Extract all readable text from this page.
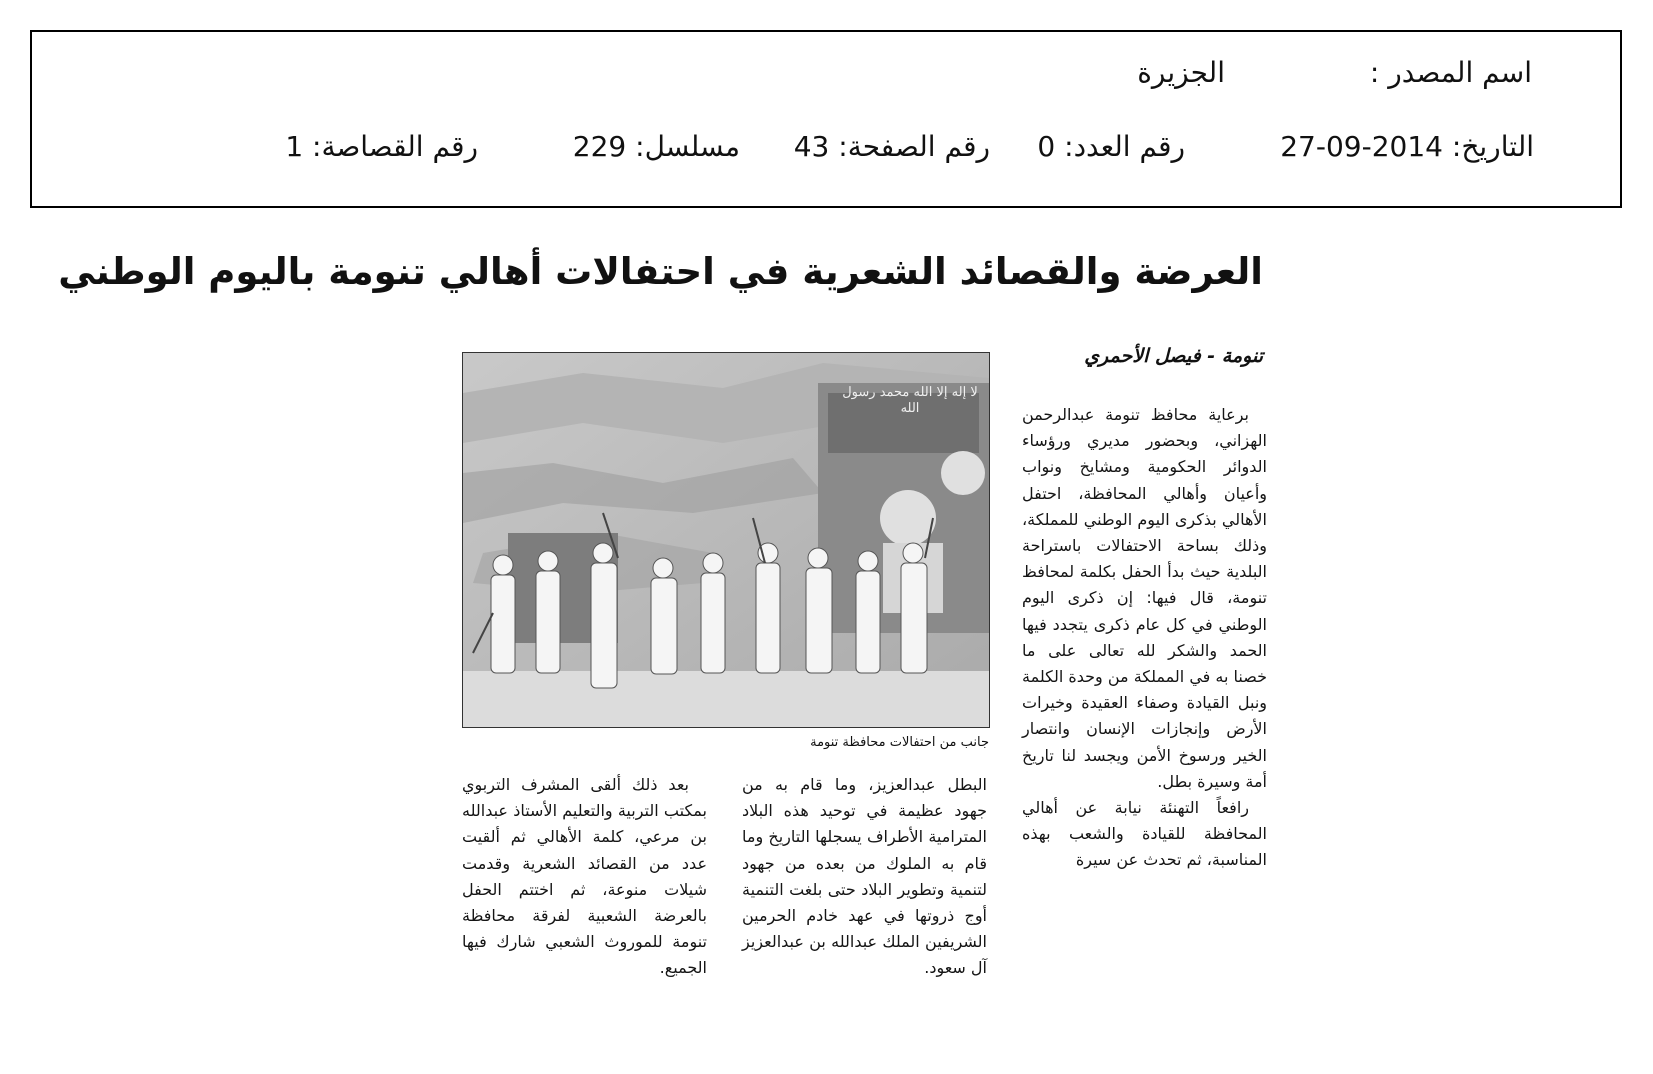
اسم المصدر :
الجزيرة
التاريخ: 2014-09-27
رقم العدد: 0
رقم الصفحة: 43
مسلسل: 229
رقم القصاصة: 1
العرضة والقصائد الشعرية في احتفالات أهالي تنومة باليوم الوطني
تنومة - فيصل الأحمري
جانب من احتفالات محافظة تنومة

برعاية محافظ تنومة عبدالرحمن الهزاني، وبحضور مديري ورؤساء الدوائر الحكومية ومشايخ ونواب وأعيان وأهالي المحافظة، احتفل الأهالي بذكرى اليوم الوطني للمملكة، وذلك بساحة الاحتفالات باستراحة البلدية حيث بدأ الحفل بكلمة لمحافظ تنومة، قال فيها: إن ذكرى اليوم الوطني في كل عام ذكرى يتجدد فيها الحمد والشكر لله تعالى على ما خصنا به في المملكة من وحدة الكلمة ونبل القيادة وصفاء العقيدة وخيرات الأرض وإنجازات الإنسان وانتصار الخير ورسوخ الأمن ويجسد لنا تاريخ أمة وسيرة بطل.

رافعاً التهنئة نيابة عن أهالي المحافظة للقيادة والشعب بهذه المناسبة، ثم تحدث عن سيرة

البطل عبدالعزيز، وما قام به من جهود عظيمة في توحيد هذه البلاد المترامية الأطراف يسجلها التاريخ وما قام به الملوك من بعده من جهود لتنمية وتطوير البلاد حتى بلغت التنمية أوج ذروتها في عهد خادم الحرمين الشريفين الملك عبدالله بن عبدالعزيز آل سعود.

بعد ذلك ألقى المشرف التربوي بمكتب التربية والتعليم الأستاذ عبدالله بن مرعي، كلمة الأهالي ثم ألقيت عدد من القصائد الشعرية وقدمت شيلات منوعة، ثم اختتم الحفل بالعرضة الشعبية لفرقة محافظة تنومة للموروث الشعبي شارك فيها الجميع.

لا إله إلا الله محمد رسول الله
